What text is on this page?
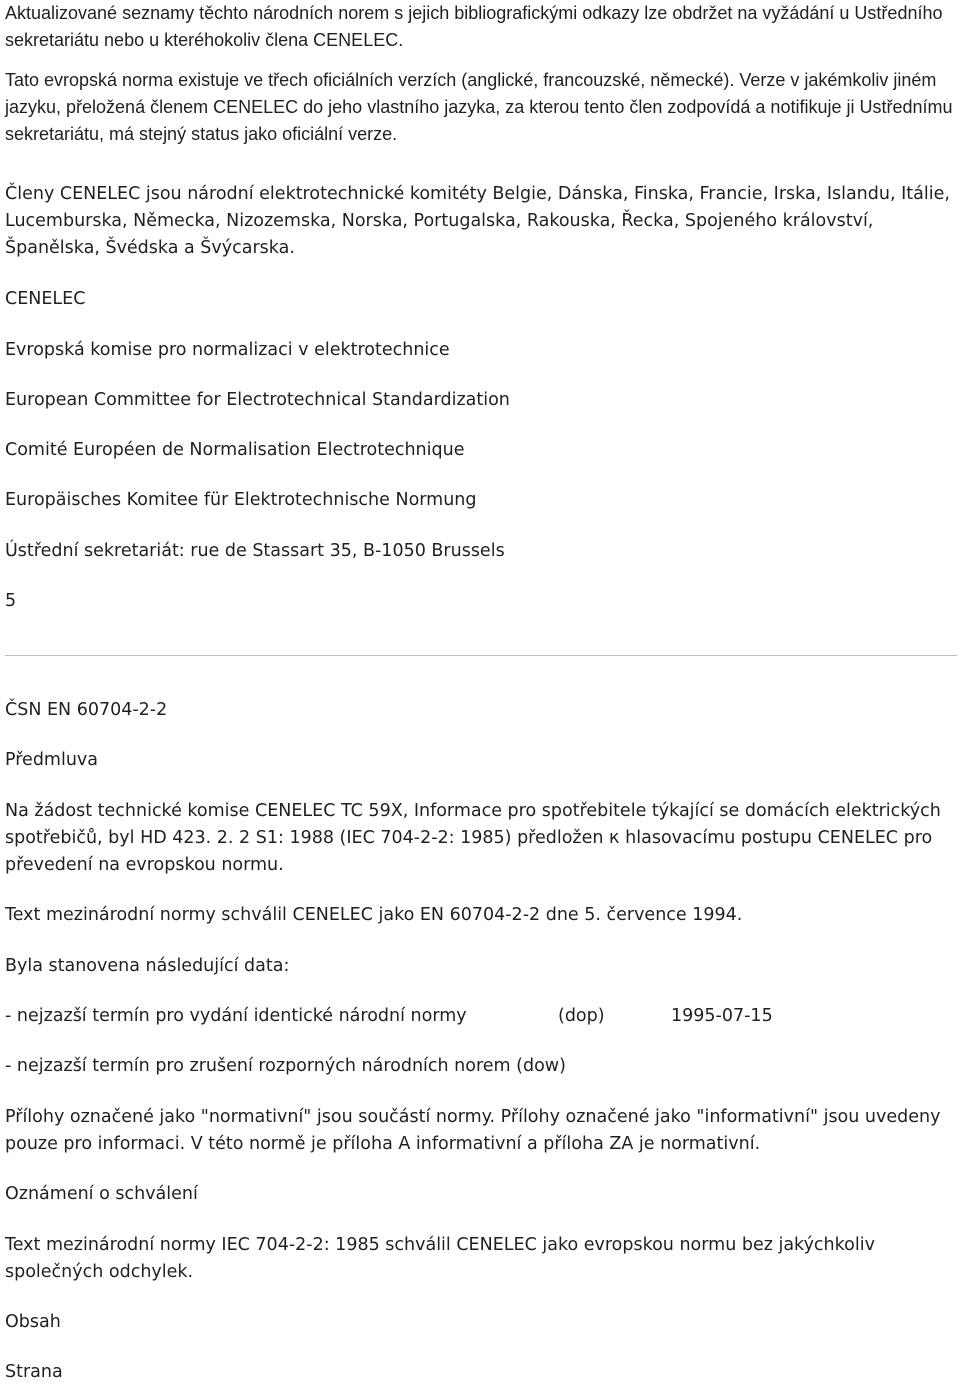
Aktualizované seznamy těchto národních norem s jejich bibliografickými odkazy lze obdržet na vyžádání u Ustředního sekretariátu nebo u kteréhokoliv člena CENELEC.

Tato evropská norma existuje ve třech oficiálních verzích (anglické, francouzské, německé). Verze v jakémkoliv jiném jazyku, přeložená členem CENELEC do jeho vlastního jazyka, za kterou tento člen zodpovídá a notifikuje ji Ustřednímu sekretariátu, má stejný status jako oficiální verze.

Členy CENELEC jsou národní elektrotechnické komitéty Belgie, Dánska, Finska, Francie, Irska, Islandu, Itálie, Lucemburska, Německa, Nizozemska, Norska, Portugalska, Rakouska, Řecka, Spojeného království, Španělska, Švédska a Švýcarska.

CENELEC

Evropská komise pro normalizaci v elektrotechnice

European Committee for Electrotechnical Standardization

Comité Européen de Normalisation Electrotechnique

Europäisches Komitee für Elektrotechnische Normung

Ústřední sekretariát: rue de Stassart 35, B-1050 Brussels

5

ČSN EN 60704-2-2

Předmluva

Na žádost technické komise CENELEC TC 59X, Informace pro spotřebitele týkající se domácích elektrických spotřebičů, byl HD 423. 2. 2 S1: 1988 (IEC 704-2-2: 1985) předložen к hlasovacímu postupu CENELEC pro převedení na evropskou normu.

Text mezinárodní normy schválil CENELEC jako EN 60704-2-2 dne 5. července 1994.

Byla stanovena následující data:

- nejzazší termín pro vydání identické národní normy	(dop)	1995-07-15
- nejzazší termín pro zrušení rozporných národních norem (dow)

Přílohy označené jako "normativní" jsou součástí normy. Přílohy označené jako "informativní" jsou uvedeny pouze pro informaci. V této normě je příloha A informativní a příloha ZA je normativní.

Oznámení o schválení

Text mezinárodní normy IEC 704-2-2: 1985 schválil CENELEC jako evropskou normu bez jakýchkoliv společných odchylek.

Obsah

Strana
